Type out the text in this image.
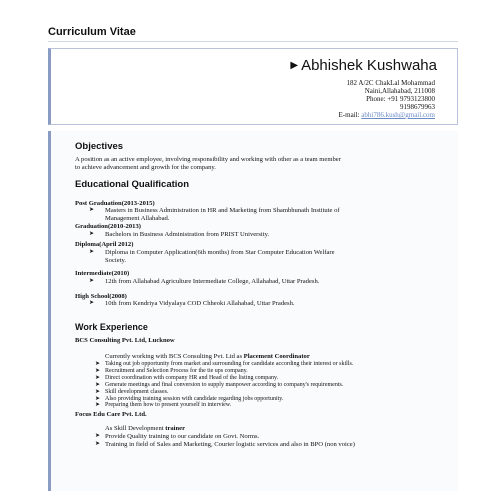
Curriculum Vitae
▶ Abhishek Kushwaha
182 A/2C ChakLal Mohammad
Naini,Allahabad, 211008
Phone: +91 9793123800
9198679963
E-mail: abhi786.kush@gmail.com
Objectives
A position as an active employee, involving responsibility and working with other as a team member
to achieve advancement and growth for the company.
Educational Qualification
Post Graduation(2013-2015)
➤ Masters in Business Administration in HR and Marketing from Shambhunath Institute of
Management Allahabad.
Graduation(2010-2013)
➤ Bachelors in Business Administration from PRIST University.
Diploma(April 2012)
➤ Diploma in Computer Application(6th months) from Star Computer Education Welfare
Society.
Intermediate(2010)
➤ 12th from Allahabad Agriculture Intermediate College, Allahabad, Uttar Pradesh.
High School(2008)
➤ 10th from Kendriya Vidyalaya COD Chheoki Allahabad, Uttar Pradesh.
Work Experience
BCS Consulting Pvt. Ltd, Lucknow
Currently working with BCS Consulting Pvt. Ltd as Placement Coordinator
➤ Taking out job opportunity from market and surrounding for candidate according their interest or skills.
➤ Recruitment and Selection Process for the tie ups company.
➤ Direct coordination with company HR and Head of the listing company.
➤ Generate meetings and final conversion to supply manpower according to company's requirements.
➤ Skill development classes.
➤ Also providing training session with candidate regarding jobs opportunity.
➤ Preparing them how to present yourself in interview.
Focus Edu Care Pvt. Ltd.
As Skill Development trainer
➤ Provide Quality training to our candidate on Govt. Norms.
➤ Training in field of Sales and Marketing, Courier logistic services and also in BPO (non voice)
